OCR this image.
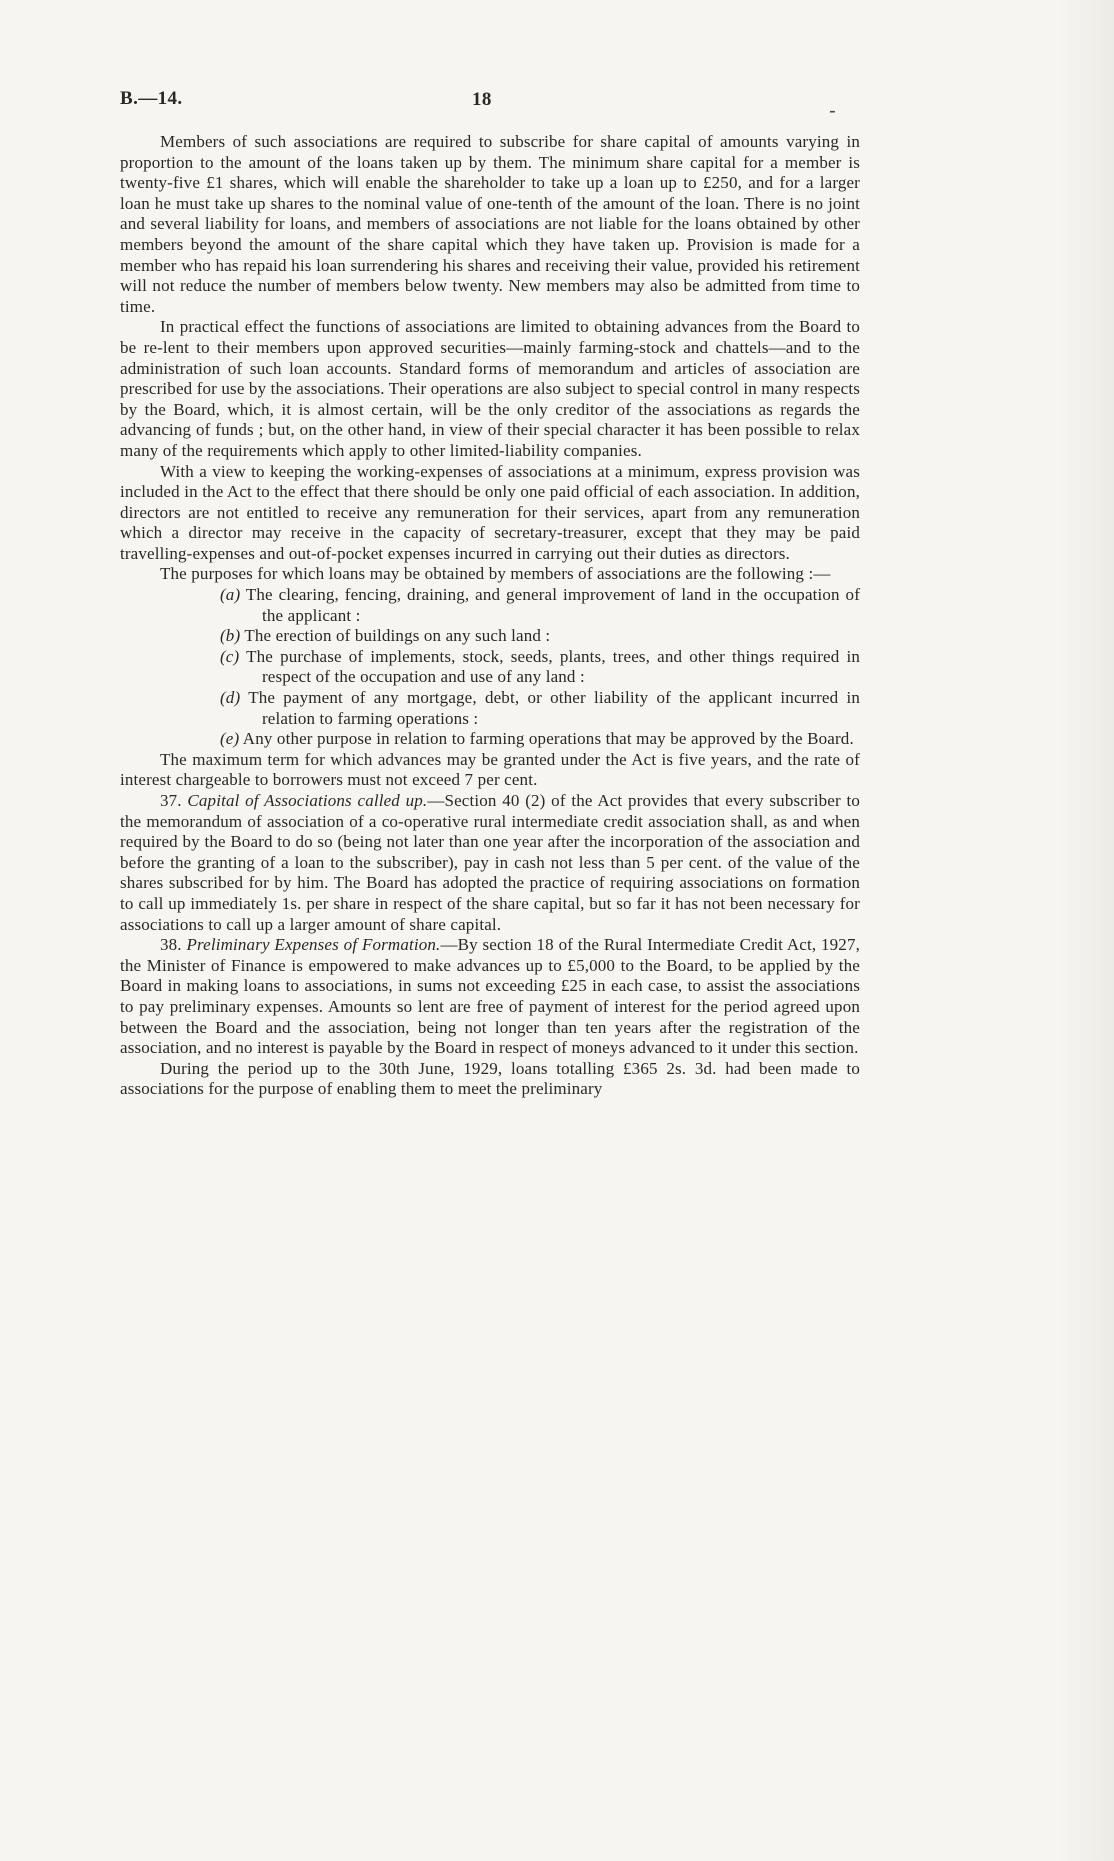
B.—14.	18
-

Members of such associations are required to subscribe for share capital of amounts varying in proportion to the amount of the loans taken up by them. The minimum share capital for a member is twenty-five £1 shares, which will enable the shareholder to take up a loan up to £250, and for a larger loan he must take up shares to the nominal value of one-tenth of the amount of the loan. There is no joint and several liability for loans, and members of associations are not liable for the loans obtained by other members beyond the amount of the share capital which they have taken up. Provision is made for a member who has repaid his loan surrendering his shares and receiving their value, provided his retirement will not reduce the number of members below twenty. New members may also be admitted from time to time.

In practical effect the functions of associations are limited to obtaining advances from the Board to be re-lent to their members upon approved securities—mainly farming-stock and chattels—and to the administration of such loan accounts. Standard forms of memorandum and articles of association are prescribed for use by the associations. Their operations are also subject to special control in many respects by the Board, which, it is almost certain, will be the only creditor of the associations as regards the advancing of funds ; but, on the other hand, in view of their special character it has been possible to relax many of the requirements which apply to other limited-liability companies.

With a view to keeping the working-expenses of associations at a minimum, express provision was included in the Act to the effect that there should be only one paid official of each association. In addition, directors are not entitled to receive any remuneration for their services, apart from any remuneration which a director may receive in the capacity of secretary-treasurer, except that they may be paid travelling-expenses and out-of-pocket expenses incurred in carrying out their duties as directors.

The purposes for which loans may be obtained by members of associations are the following :—

(a) The clearing, fencing, draining, and general improvement of land in the occupation of the applicant :
(b) The erection of buildings on any such land :
(c) The purchase of implements, stock, seeds, plants, trees, and other things required in respect of the occupation and use of any land :
(d) The payment of any mortgage, debt, or other liability of the applicant incurred in relation to farming operations :
(e) Any other purpose in relation to farming operations that may be approved by the Board.

The maximum term for which advances may be granted under the Act is five years, and the rate of interest chargeable to borrowers must not exceed 7 per cent.

37. Capital of Associations called up.—Section 40 (2) of the Act provides that every subscriber to the memorandum of association of a co-operative rural intermediate credit association shall, as and when required by the Board to do so (being not later than one year after the incorporation of the association and before the granting of a loan to the subscriber), pay in cash not less than 5 per cent. of the value of the shares subscribed for by him. The Board has adopted the practice of requiring associations on formation to call up immediately 1s. per share in respect of the share capital, but so far it has not been necessary for associations to call up a larger amount of share capital.

38. Preliminary Expenses of Formation.—By section 18 of the Rural Intermediate Credit Act, 1927, the Minister of Finance is empowered to make advances up to £5,000 to the Board, to be applied by the Board in making loans to associations, in sums not exceeding £25 in each case, to assist the associations to pay preliminary expenses. Amounts so lent are free of payment of interest for the period agreed upon between the Board and the association, being not longer than ten years after the registration of the association, and no interest is payable by the Board in respect of moneys advanced to it under this section.

During the period up to the 30th June, 1929, loans totalling £365 2s. 3d. had been made to associations for the purpose of enabling them to meet the preliminary
